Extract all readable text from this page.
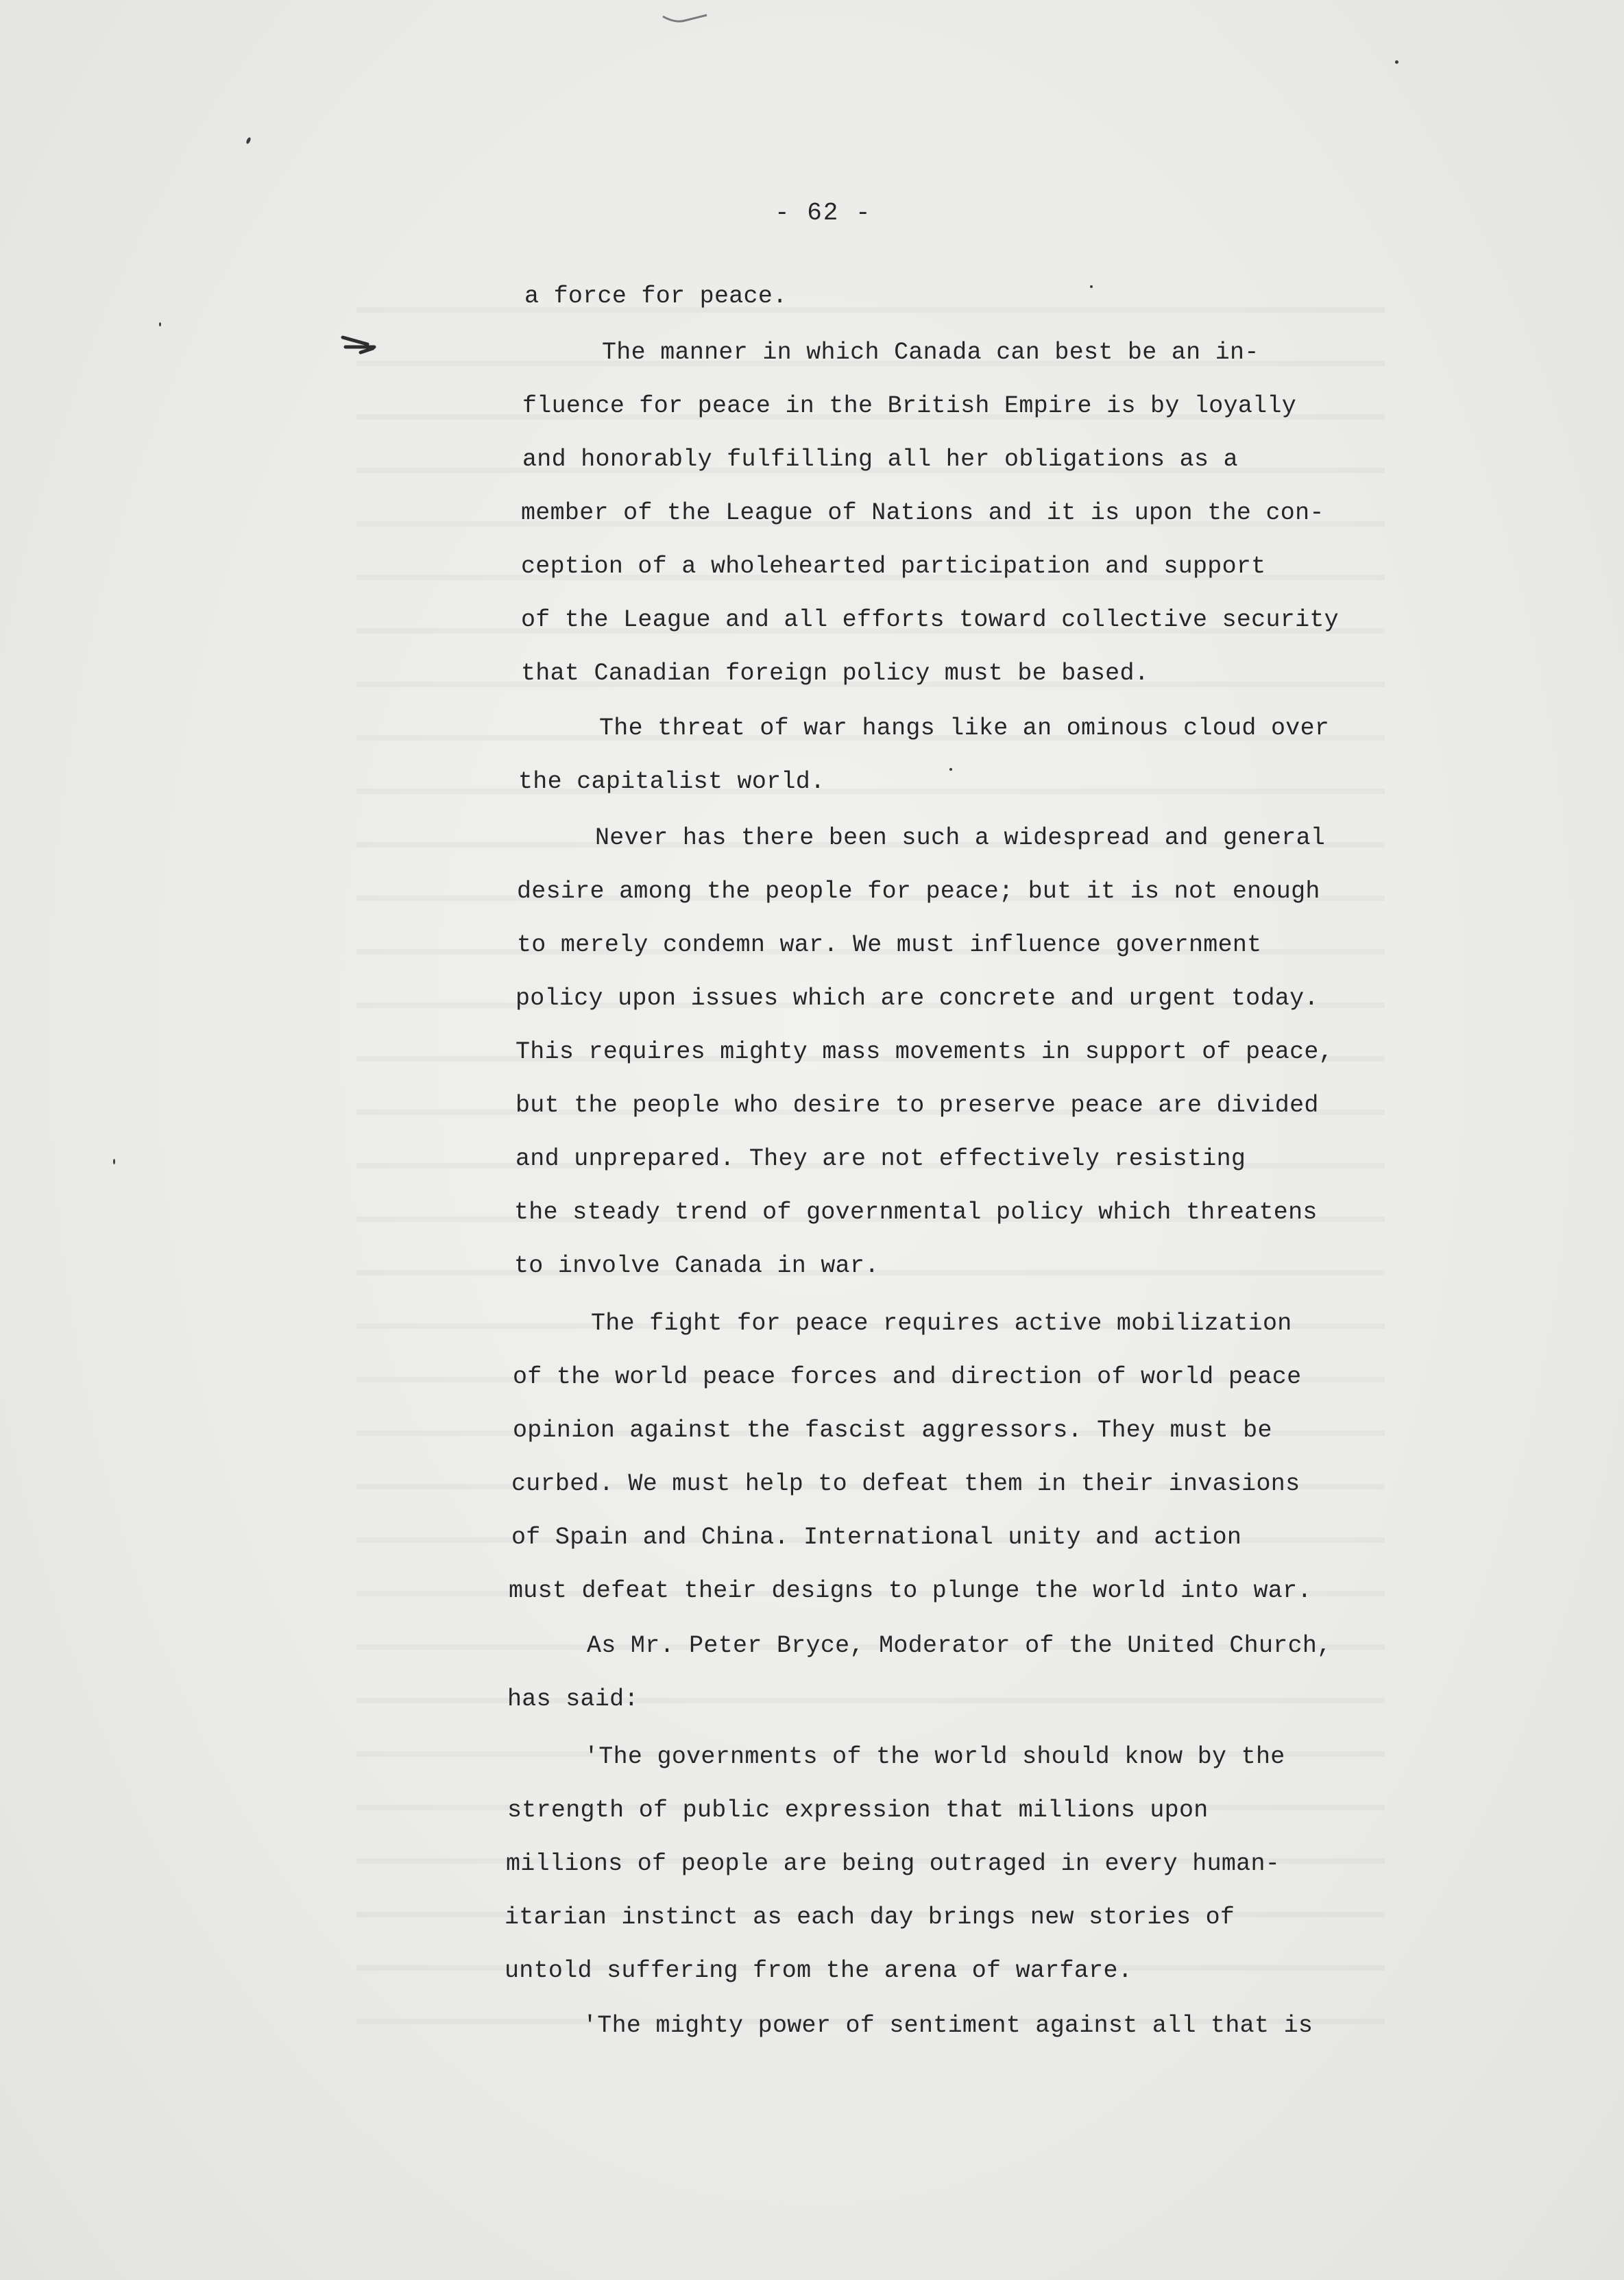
- 62 -
a force for peace.
The manner in which Canada can best be an in-
fluence for peace in the British Empire is by loyally
and honorably fulfilling all her obligations as a
member of the League of Nations and it is upon the con-
ception of a wholehearted participation and support
of the League and all efforts toward collective security
that Canadian foreign policy must be based.
The threat of war hangs like an ominous cloud over
the capitalist world.
Never has there been such a widespread and general
desire among the people for peace; but it is not enough
to merely condemn war. We must influence government
policy upon issues which are concrete and urgent today.
This requires mighty mass movements in support of peace,
but the people who desire to preserve peace are divided
and unprepared. They are not effectively resisting
the steady trend of governmental policy which threatens
to involve Canada in war.
The fight for peace requires active mobilization
of the world peace forces and direction of world peace
opinion against the fascist aggressors. They must be
curbed. We must help to defeat them in their invasions
of Spain and China. International unity and action
must defeat their designs to plunge the world into war.
As Mr. Peter Bryce, Moderator of the United Church,
has said:
'The governments of the world should know by the
strength of public expression that millions upon
millions of people are being outraged in every human-
itarian instinct as each day brings new stories of
untold suffering from the arena of warfare.
'The mighty power of sentiment against all that is
